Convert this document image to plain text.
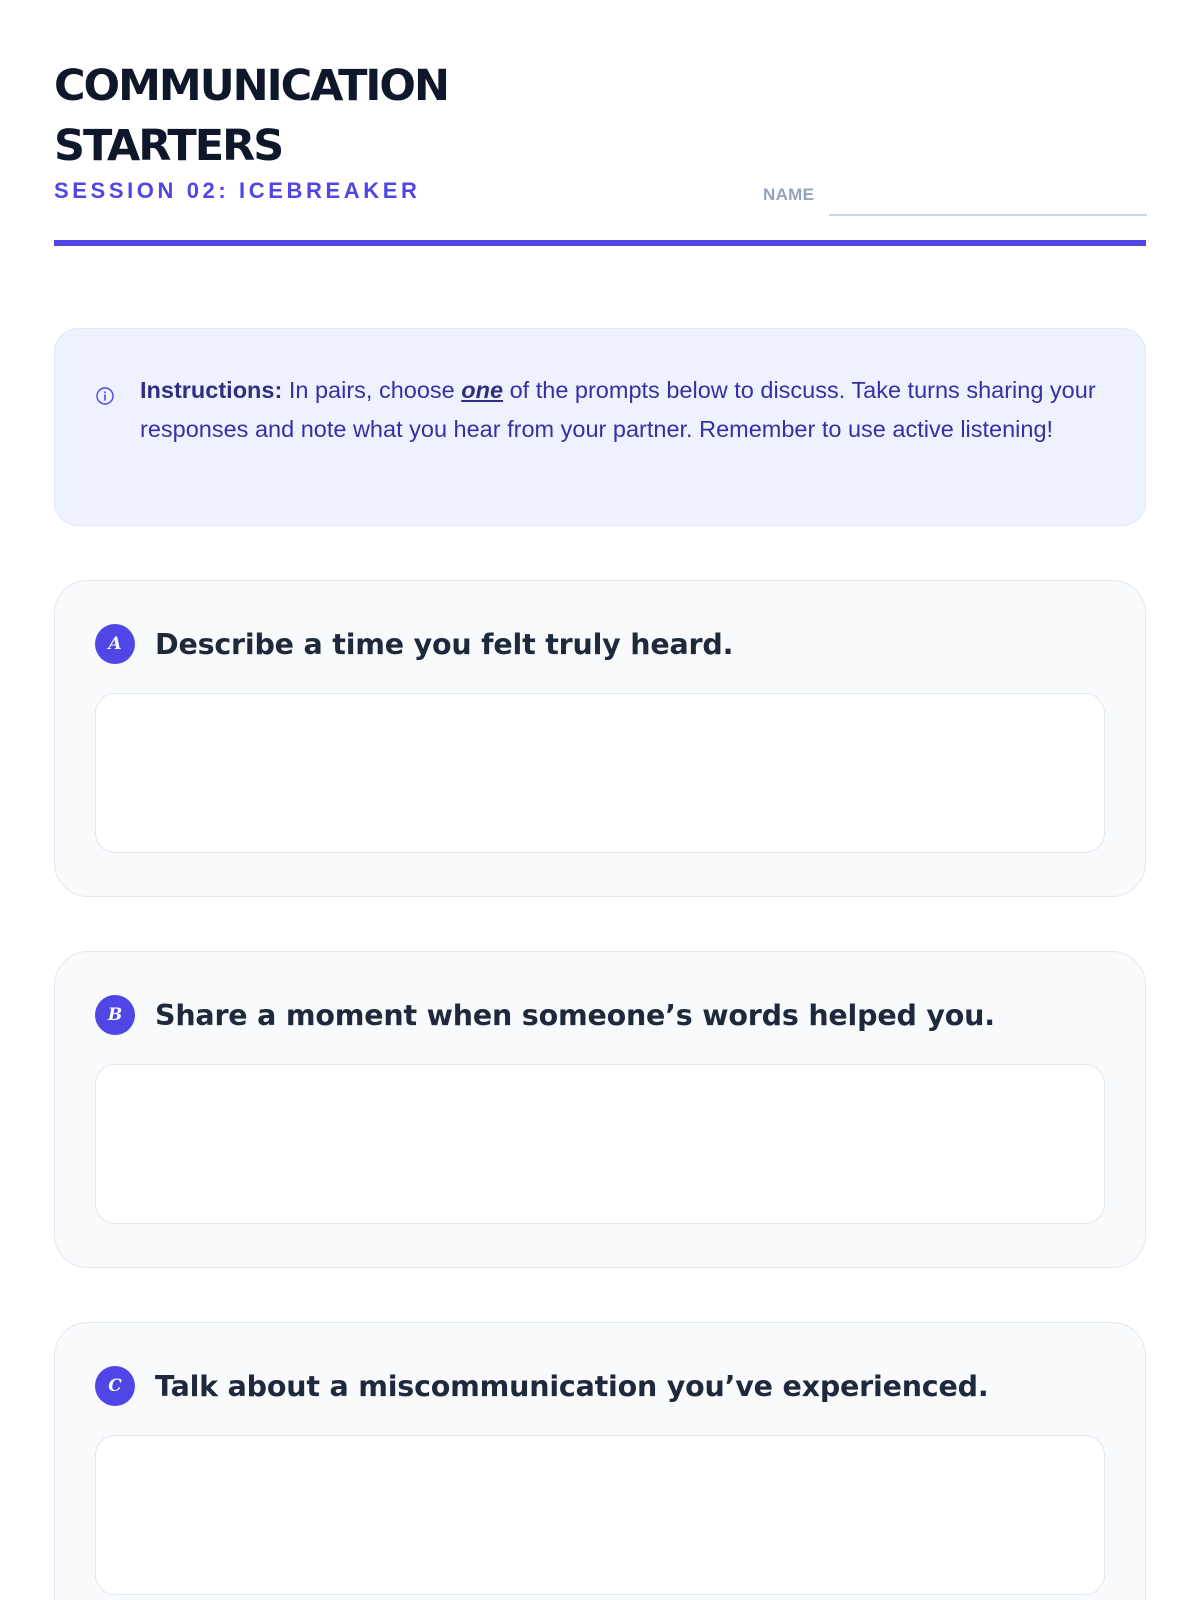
COMMUNICATION
STARTERS
SESSION 02: ICEBREAKER	NAME

Instructions: In pairs, choose one of the prompts below to discuss. Take turns sharing your responses and note what you hear from your partner. Remember to use active listening!

A	Describe a time you felt truly heard.
B	Share a moment when someone’s words helped you.
C	Talk about a miscommunication you’ve experienced.
